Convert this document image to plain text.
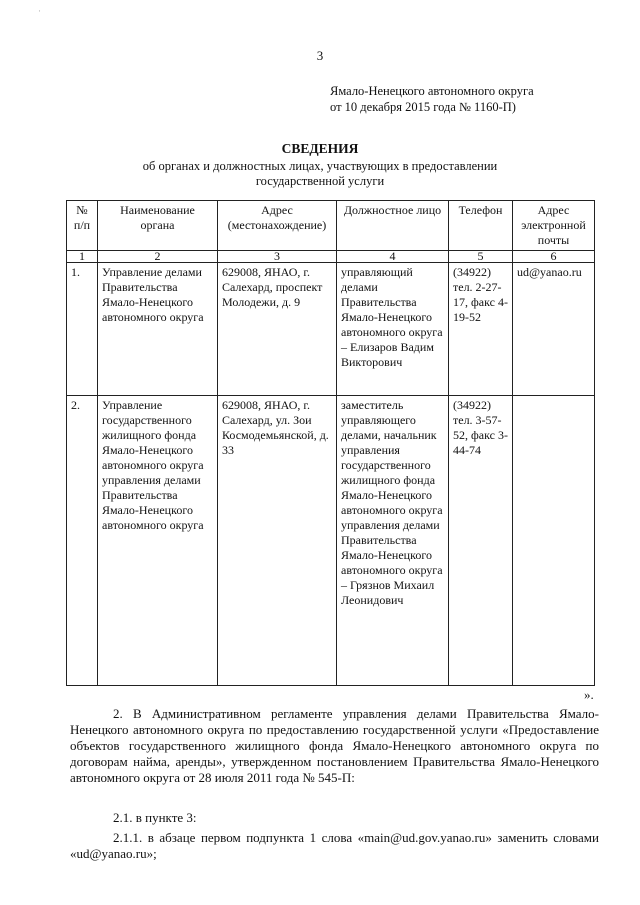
·
3
Ямало-Ненецкого автономного округа
от 10 декабря 2015 года № 1160-П)
СВЕДЕНИЯ
об органах и должностных лицах, участвующих в предоставлении
государственной услуги
№ п/п	Наименование органа	Адрес (местонахождение)	Должностное лицо	Телефон	Адрес электронной почты
1	2	3	4	5	6
1.	Управление делами Правительства Ямало-Ненецкого автономного округа	629008, ЯНАО, г. Салехард, проспект Молодежи, д. 9	управляющий делами Правительства Ямало-Ненецкого автономного округа – Елизаров Вадим Викторович	(34922) тел. 2-27-17, факс 4-19-52	ud@yanao.ru
2.	Управление государственного жилищного фонда Ямало-Ненецкого автономного округа управления делами Правительства Ямало-Ненецкого автономного округа	629008, ЯНАО, г. Салехард, ул. Зои Космодемьянской, д. 33	заместитель управляющего делами, начальник управления государственного жилищного фонда Ямало-Ненецкого автономного округа управления делами Правительства Ямало-Ненецкого автономного округа – Грязнов Михаил Леонидович	(34922) тел. 3-57-52, факс 3-44-74	
».
2. В Административном регламенте управления делами Правительства Ямало-Ненецкого автономного округа по предоставлению государственной услуги «Предоставление объектов государственного жилищного фонда Ямало-Ненецкого автономного округа по договорам найма, аренды», утвержденном постановлением Правительства Ямало-Ненецкого автономного округа от 28 июля 2011 года № 545-П:
2.1. в пункте 3:
2.1.1. в абзаце первом подпункта 1 слова «main@ud.gov.yanao.ru» заменить словами «ud@yanao.ru»;
